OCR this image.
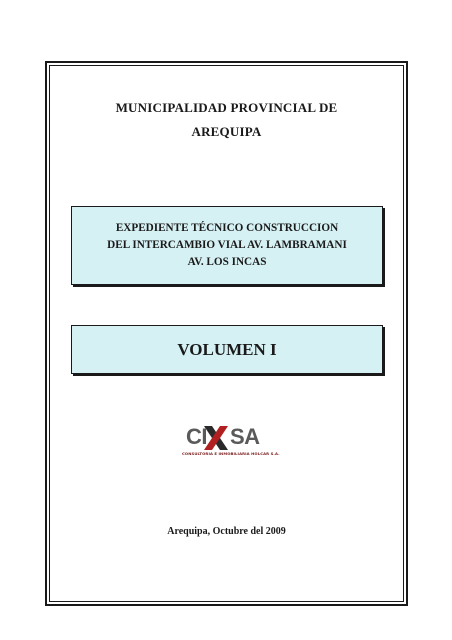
MUNICIPALIDAD PROVINCIAL DE
AREQUIPA
EXPEDIENTE TÉCNICO CONSTRUCCION
DEL INTERCAMBIO VIAL AV. LAMBRAMANI
AV. LOS INCAS
VOLUMEN I
CI SA
CONSULTORIA E INMOBILIARIA HOLCAR S.A.
Arequipa, Octubre del 2009
